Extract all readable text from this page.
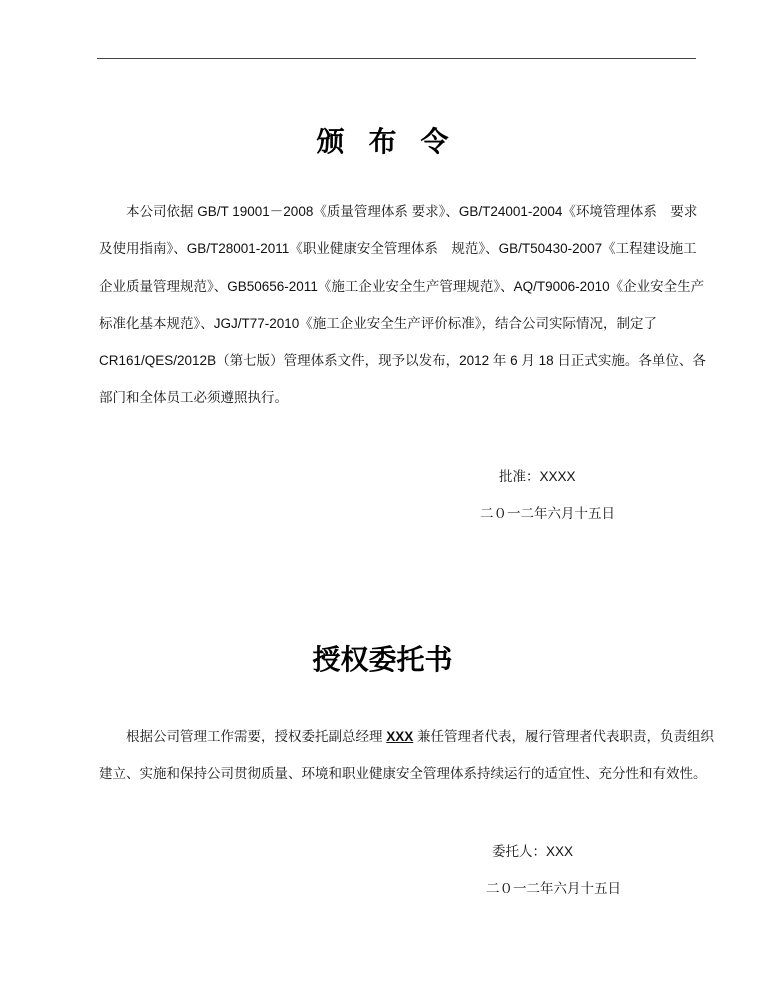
颁布令
本公司依据 GB/T 19001－2008《质量管理体系 要求》、GB/T24001-2004《环境管理体系　要求
及使用指南》、GB/T28001-2011《职业健康安全管理体系　规范》、GB/T50430-2007《工程建设施工
企业质量管理规范》、GB50656-2011《施工企业安全生产管理规范》、AQ/T9006-2010《企业安全生产
标准化基本规范》、JGJ/T77-2010《施工企业安全生产评价标准》，结合公司实际情况，制定了
CR161/QES/2012B（第七版）管理体系文件，现予以发布，2012 年 6 月 18 日正式实施。各单位、各
部门和全体员工必须遵照执行。
批准：XXXX
二０一二年六月十五日
授权委托书
根据公司管理工作需要，授权委托副总经理 XXX 兼任管理者代表，履行管理者代表职责，负责组织
建立、实施和保持公司贯彻质量、环境和职业健康安全管理体系持续运行的适宜性、充分性和有效性。
委托人：XXX
二０一二年六月十五日
